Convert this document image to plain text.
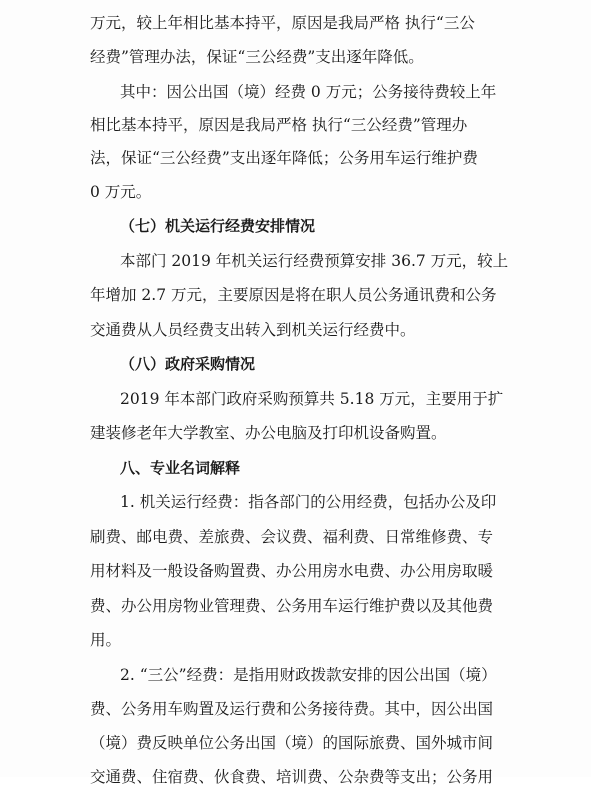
万元，较上年相比基本持平，原因是我局严格 执行“三公
经费”管理办法，保证“三公经费”支出逐年降低。
其中：因公出国（境）经费 0 万元；公务接待费较上年
相比基本持平，原因是我局严格 执行“三公经费”管理办
法，保证“三公经费”支出逐年降低；公务用车运行维护费
0 万元。
（七）机关运行经费安排情况
本部门 2019 年机关运行经费预算安排 36.7 万元，较上
年增加 2.7 万元，主要原因是将在职人员公务通讯费和公务
交通费从人员经费支出转入到机关运行经费中。
（八）政府采购情况
2019 年本部门政府采购预算共 5.18 万元，主要用于扩
建装修老年大学教室、办公电脑及打印机设备购置。
八、专业名词解释
1. 机关运行经费：指各部门的公用经费，包括办公及印
刷费、邮电费、差旅费、会议费、福利费、日常维修费、专
用材料及一般设备购置费、办公用房水电费、办公用房取暖
费、办公用房物业管理费、公务用车运行维护费以及其他费
用。
2. “三公”经费：是指用财政拨款安排的因公出国（境）
费、公务用车购置及运行费和公务接待费。其中，因公出国
（境）费反映单位公务出国（境）的国际旅费、国外城市间
交通费、住宿费、伙食费、培训费、公杂费等支出；公务用
